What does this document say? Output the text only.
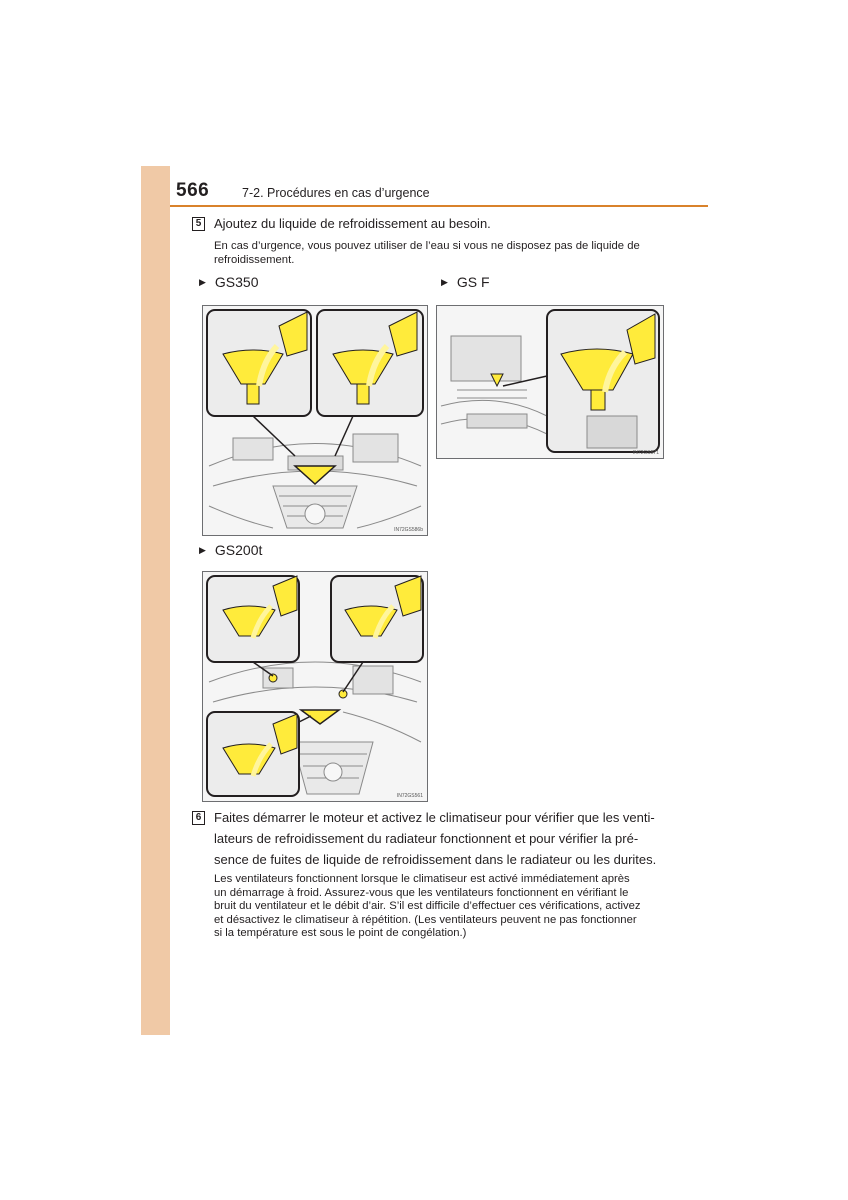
566	7-2. Procédures en cas d’urgence
5 Ajoutez du liquide de refroidissement au besoin.
En cas d’urgence, vous pouvez utiliser de l’eau si vous ne disposez pas de liquide de
refroidissement.
▶ GS350	▶ GS F
IN72GS586b
IN72GS571
▶ GS200t
IN72GS561
6 Faites démarrer le moteur et activez le climatiseur pour vérifier que les venti-
lateurs de refroidissement du radiateur fonctionnent et pour vérifier la pré-
sence de fuites de liquide de refroidissement dans le radiateur ou les durites.
Les ventilateurs fonctionnent lorsque le climatiseur est activé immédiatement après
un démarrage à froid. Assurez-vous que les ventilateurs fonctionnent en vérifiant le
bruit du ventilateur et le débit d’air. S’il est difficile d’effectuer ces vérifications, activez
et désactivez le climatiseur à répétition. (Les ventilateurs peuvent ne pas fonctionner
si la température est sous le point de congélation.)
